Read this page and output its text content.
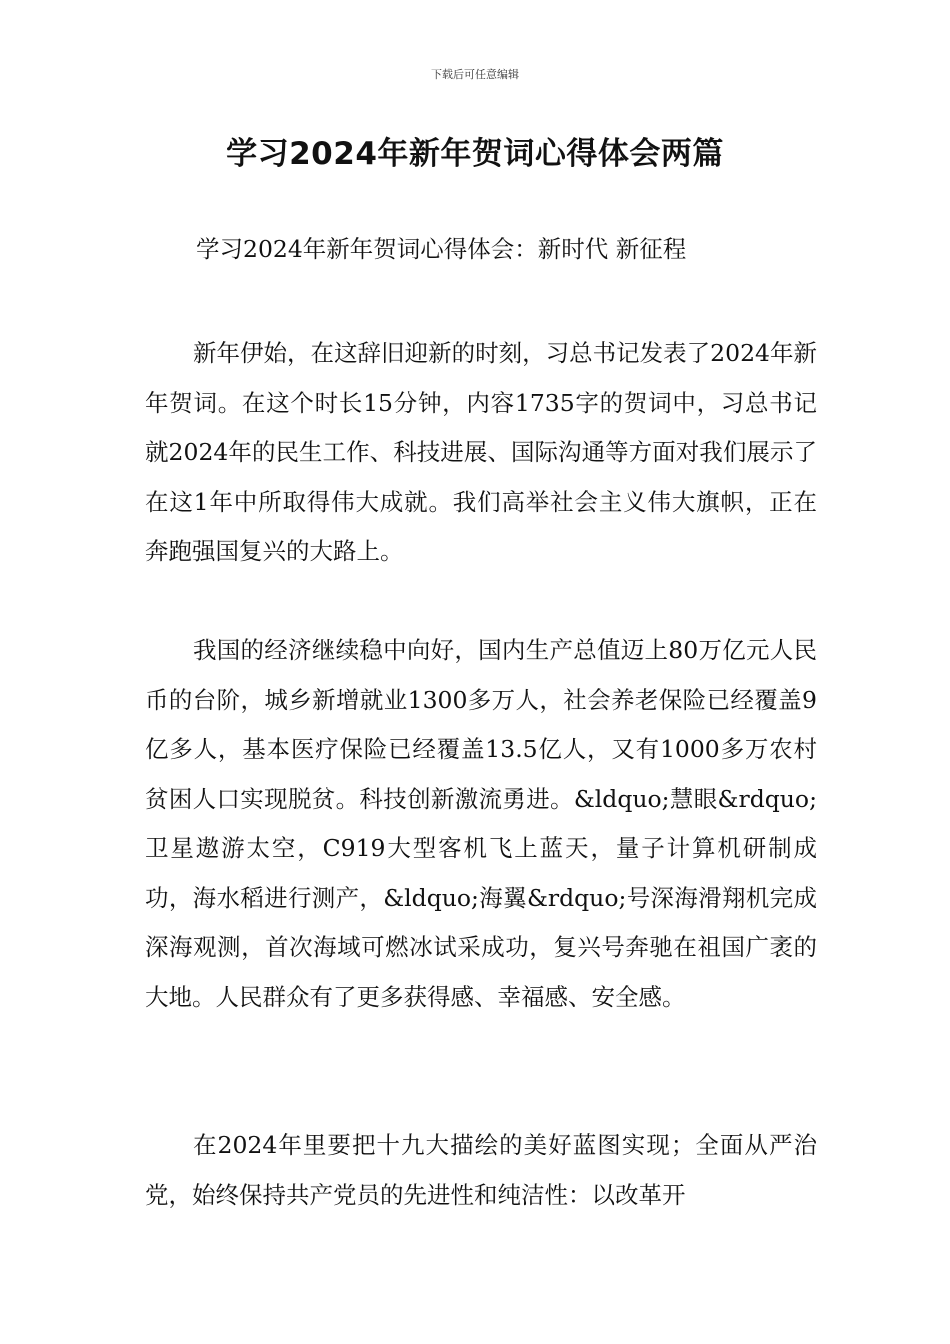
下载后可任意编辑
学习2024年新年贺词心得体会两篇

学习2024年新年贺词心得体会：新时代 新征程

新年伊始，在这辞旧迎新的时刻，习总书记发表了2024年新年贺词。在这个时长15分钟，内容1735字的贺词中，习总书记就2024年的民生工作、科技进展、国际沟通等方面对我们展示了在这1年中所取得伟大成就。我们高举社会主义伟大旗帜，正在奔跑强国复兴的大路上。

我国的经济继续稳中向好，国内生产总值迈上80万亿元人民币的台阶，城乡新增就业1300多万人，社会养老保险已经覆盖9亿多人，基本医疗保险已经覆盖13.5亿人，又有1000多万农村贫困人口实现脱贫。科技创新激流勇进。&ldquo;慧眼&rdquo;卫星遨游太空，C919大型客机飞上蓝天，量子计算机研制成功，海水稻进行测产，&ldquo;海翼&rdquo;号深海滑翔机完成深海观测，首次海域可燃冰试采成功，复兴号奔驰在祖国广袤的大地。人民群众有了更多获得感、幸福感、安全感。

在2024年里要把十九大描绘的美好蓝图实现；全面从严治党，始终保持共产党员的先进性和纯洁性：以改革开
